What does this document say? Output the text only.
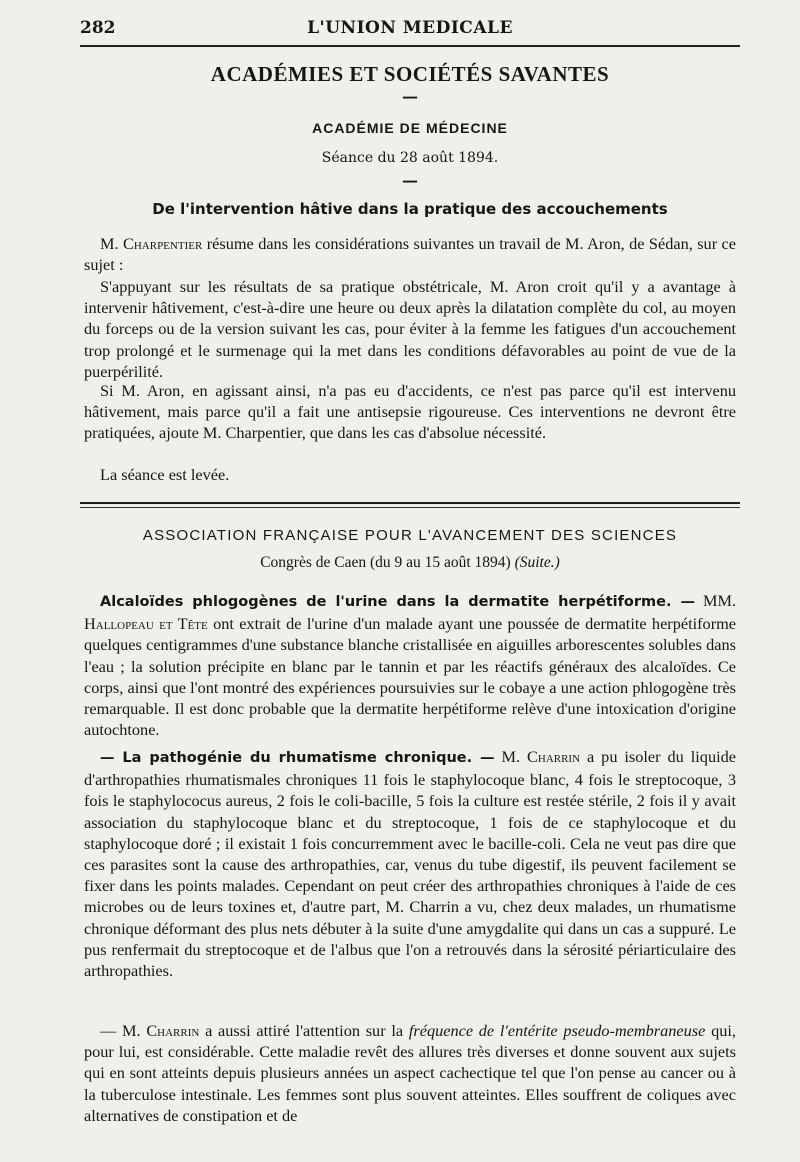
282	L'UNION MEDICALE
ACADÉMIES ET SOCIÉTÉS SAVANTES
—
ACADÉMIE DE MÉDECINE
Séance du 28 août 1894.
—
De l'intervention hâtive dans la pratique des accouchements

M. Charpentier résume dans les considérations suivantes un travail de M. Aron, de Sédan, sur ce sujet :

S'appuyant sur les résultats de sa pratique obstétricale, M. Aron croit qu'il y a avantage à intervenir hâtivement, c'est-à-dire une heure ou deux après la dilatation complète du col, au moyen du forceps ou de la version suivant les cas, pour éviter à la femme les fatigues d'un accouchement trop prolongé et le surmenage qui la met dans les conditions défavorables au point de vue de la puerpérilité.

Si M. Aron, en agissant ainsi, n'a pas eu d'accidents, ce n'est pas parce qu'il est intervenu hâtivement, mais parce qu'il a fait une antisepsie rigoureuse. Ces interventions ne devront être pratiquées, ajoute M. Charpentier, que dans les cas d'absolue nécessité.

La séance est levée.

ASSOCIATION FRANÇAISE POUR L'AVANCEMENT DES SCIENCES
Congrès de Caen (du 9 au 15 août 1894) (Suite.)

Alcaloïdes phlogogènes de l'urine dans la dermatite herpétiforme. — MM. Hallopeau et Tête ont extrait de l'urine d'un malade ayant une poussée de dermatite herpétiforme quelques centigrammes d'une substance blanche cristallisée en aiguilles arborescentes solubles dans l'eau ; la solution précipite en blanc par le tannin et par les réactifs généraux des alcaloïdes. Ce corps, ainsi que l'ont montré des expériences poursuivies sur le cobaye a une action phlogogène très remarquable. Il est donc probable que la dermatite herpétiforme relève d'une intoxication d'origine autochtone.

— La pathogénie du rhumatisme chronique. — M. Charrin a pu isoler du liquide d'arthropathies rhumatismales chroniques 11 fois le staphylocoque blanc, 4 fois le streptocoque, 3 fois le staphylococus aureus, 2 fois le coli-bacille, 5 fois la culture est restée stérile, 2 fois il y avait association du staphylocoque blanc et du streptocoque, 1 fois de ce staphylocoque et du staphylocoque doré ; il existait 1 fois concurremment avec le bacille-coli. Cela ne veut pas dire que ces parasites sont la cause des arthropathies, car, venus du tube digestif, ils peuvent facilement se fixer dans les points malades. Cependant on peut créer des arthropathies chroniques à l'aide de ces microbes ou de leurs toxines et, d'autre part, M. Charrin a vu, chez deux malades, un rhumatisme chronique déformant des plus nets débuter à la suite d'une amygdalite qui dans un cas a suppuré. Le pus renfermait du streptocoque et de l'albus que l'on a retrouvés dans la sérosité périarticulaire des arthropathies.

— M. Charrin a aussi attiré l'attention sur la fréquence de l'entérite pseudo-membraneuse qui, pour lui, est considérable. Cette maladie revêt des allures très diverses et donne souvent aux sujets qui en sont atteints depuis plusieurs années un aspect cachectique tel que l'on pense au cancer ou à la tuberculose intestinale. Les femmes sont plus souvent atteintes. Elles souffrent de coliques avec alternatives de constipation et de
